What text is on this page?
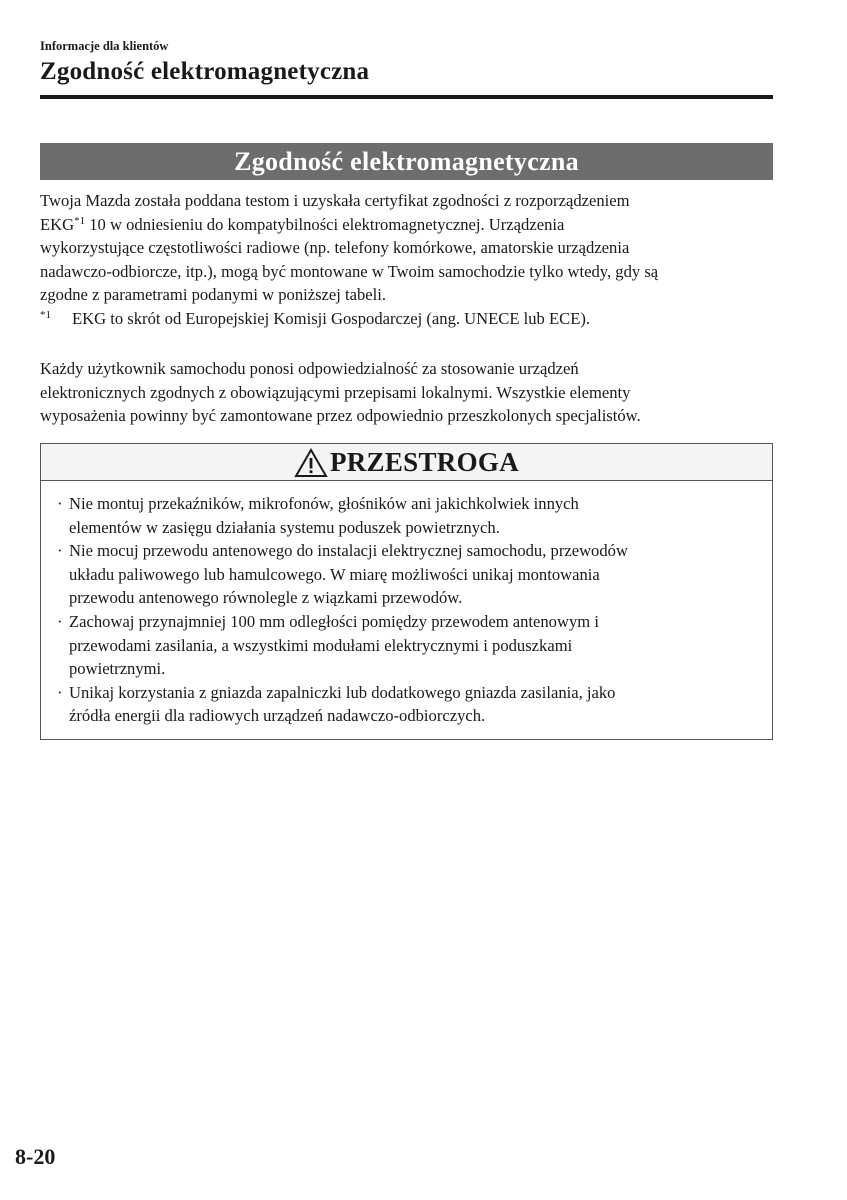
Informacje dla klientów
Zgodność elektromagnetyczna
Zgodność elektromagnetyczna

Twoja Mazda została poddana testom i uzyskała certyfikat zgodności z rozporządzeniem

EKG$^{*1}$ 10 w odniesieniu do kompatybilności elektromagnetycznej. Urządzenia

wykorzystujące częstotliwości radiowe (np. telefony komórkowe, amatorskie urządzenia

nadawczo-odbiorcze, itp.), mogą być montowane w Twoim samochodzie tylko wtedy, gdy są

zgodne z parametrami podanymi w poniższej tabeli.

$^{*1}$ EKG to skrót od Europejskiej Komisji Gospodarczej (ang. UNECE lub ECE).

Każdy użytkownik samochodu ponosi odpowiedzialność za stosowanie urządzeń

elektronicznych zgodnych z obowiązującymi przepisami lokalnymi. Wszystkie elementy

wyposażenia powinny być zamontowane przez odpowiednio przeszkolonych specjalistów.

PRZESTROGA
· Nie montuj przekaźników, mikrofonów, głośników ani jakichkolwiek innych
elementów w zasięgu działania systemu poduszek powietrznych.
· Nie mocuj przewodu antenowego do instalacji elektrycznej samochodu, przewodów
układu paliwowego lub hamulcowego. W miarę możliwości unikaj montowania
przewodu antenowego równolegle z wiązkami przewodów.
· Zachowaj przynajmniej 100 mm odległości pomiędzy przewodem antenowym i
przewodami zasilania, a wszystkimi modułami elektrycznymi i poduszkami
powietrznymi.
· Unikaj korzystania z gniazda zapalniczki lub dodatkowego gniazda zasilania, jako
źródła energii dla radiowych urządzeń nadawczo-odbiorczych.
8-20
